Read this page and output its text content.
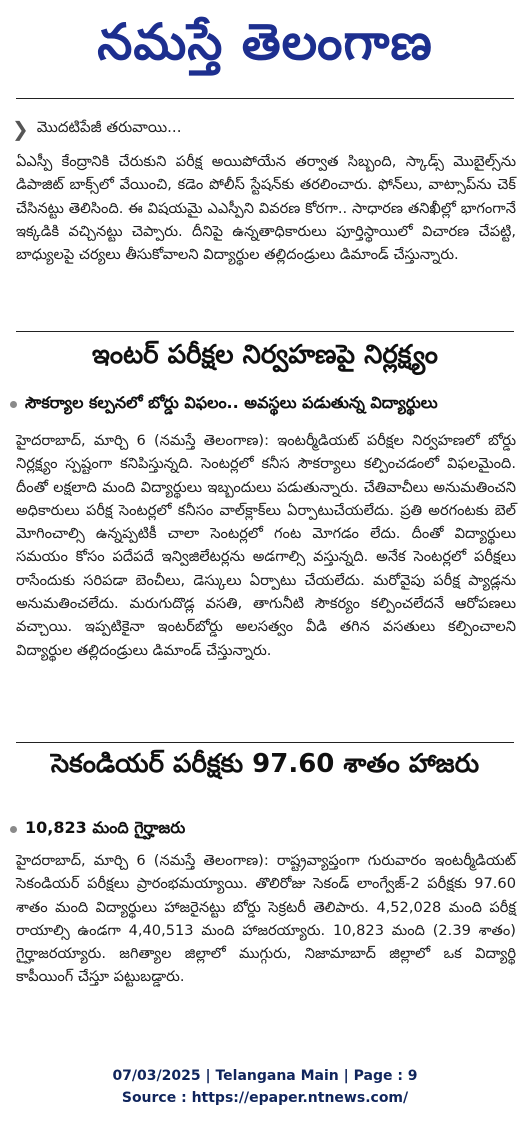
నమస్తే తెలంగాణ
❯ మొదటిపేజీ తరువాయి...
ఏఎస్పీ కేంద్రానికి చేరుకుని పరీక్ష అయిపోయేన తర్వాత సిబ్బంది, స్కాడ్స్ మొబైల్స్‌ను డిపాజిట్ బాక్స్‌లో వేయించి, కడెం పోలీస్ స్టేషన్‌కు తరలించారు. ఫోన్‌లు, వాట్సాప్‌ను చెక్ చేసినట్టు తెలిసింది. ఈ విషయమై ఎఎస్పీని వివరణ కోరగా.. సాధారణ తనిఖీల్లో భాగంగానే ఇక్కడికి వచ్చినట్టు చెప్పారు. దీనిపై ఉన్నతాధికారులు పూర్తిస్థాయిలో విచారణ చేపట్టి, బాధ్యులపై చర్యలు తీసుకోవాలని విద్యార్థుల తల్లిదండ్రులు డిమాండ్ చేస్తున్నారు.
ఇంటర్ పరీక్షల నిర్వహణపై నిర్లక్ష్యం
సౌకర్యాల కల్పనలో బోర్డు విఫలం.. అవస్థలు పడుతున్న విద్యార్థులు
హైదరాబాద్, మార్చి 6 (నమస్తే తెలంగాణ): ఇంటర్మీడియట్ పరీక్షల నిర్వహణలో బోర్డు నిర్లక్ష్యం స్పష్టంగా కనిపిస్తున్నది. సెంటర్లలో కనీస సౌకర్యాలు కల్పించడంలో విఫలమైంది. దీంతో లక్షలాది మంది విద్యార్థులు ఇబ్బందులు పడుతున్నారు. చేతివాచీలు అనుమతించని అధికారులు పరీక్ష సెంటర్లలో కనీసం వాల్‌క్లాక్‌లు ఏర్పాటుచేయలేదు. ప్రతి అరగంటకు బెల్ మోగించాల్సి ఉన్నప్పటికీ చాలా సెంటర్లలో గంట మోగడం లేదు. దీంతో విద్యార్థులు సమయం కోసం పదేపదే ఇన్విజిలేటర్లను అడగాల్సి వస్తున్నది. అనేక సెంటర్లలో పరీక్షలు రాసేందుకు సరిపడా బెంచీలు, డెస్కులు ఏర్పాటు చేయలేదు. మరోవైపు పరీక్ష ప్యాడ్లను అనుమతించలేదు. మరుగుదొడ్ల వసతి, తాగునీటి సౌకర్యం కల్పించలేదనే ఆరోపణలు వచ్చాయి. ఇప్పటికైనా ఇంటర్‌బోర్డు అలసత్వం వీడి తగిన వసతులు కల్పించాలని విద్యార్థుల తల్లిదండ్రులు డిమాండ్ చేస్తున్నారు.
సెకండియర్ పరీక్షకు 97.60 శాతం హాజరు
10,823 మంది గైర్హాజరు
హైదరాబాద్, మార్చి 6 (నమస్తే తెలంగాణ): రాష్ట్రవ్యాప్తంగా గురువారం ఇంటర్మీడియట్ సెకండియర్ పరీక్షలు ప్రారంభమయ్యాయి. తొలిరోజు సెకండ్ లాంగ్వేజ్-2 పరీక్షకు 97.60 శాతం మంది విద్యార్థులు హాజరైనట్టు బోర్డు సెక్రటరీ తెలిపారు. 4,52,028 మంది పరీక్ష రాయాల్సి ఉండగా 4,40,513 మంది హాజరయ్యారు. 10,823 మంది (2.39 శాతం) గైర్హాజరయ్యారు. జగిత్యాల జిల్లాలో ముగ్గురు, నిజామాబాద్ జిల్లాలో ఒక విద్యార్థి కాపీయింగ్ చేస్తూ పట్టుబడ్డారు.
07/03/2025 | Telangana Main | Page : 9
Source : https://epaper.ntnews.com/
